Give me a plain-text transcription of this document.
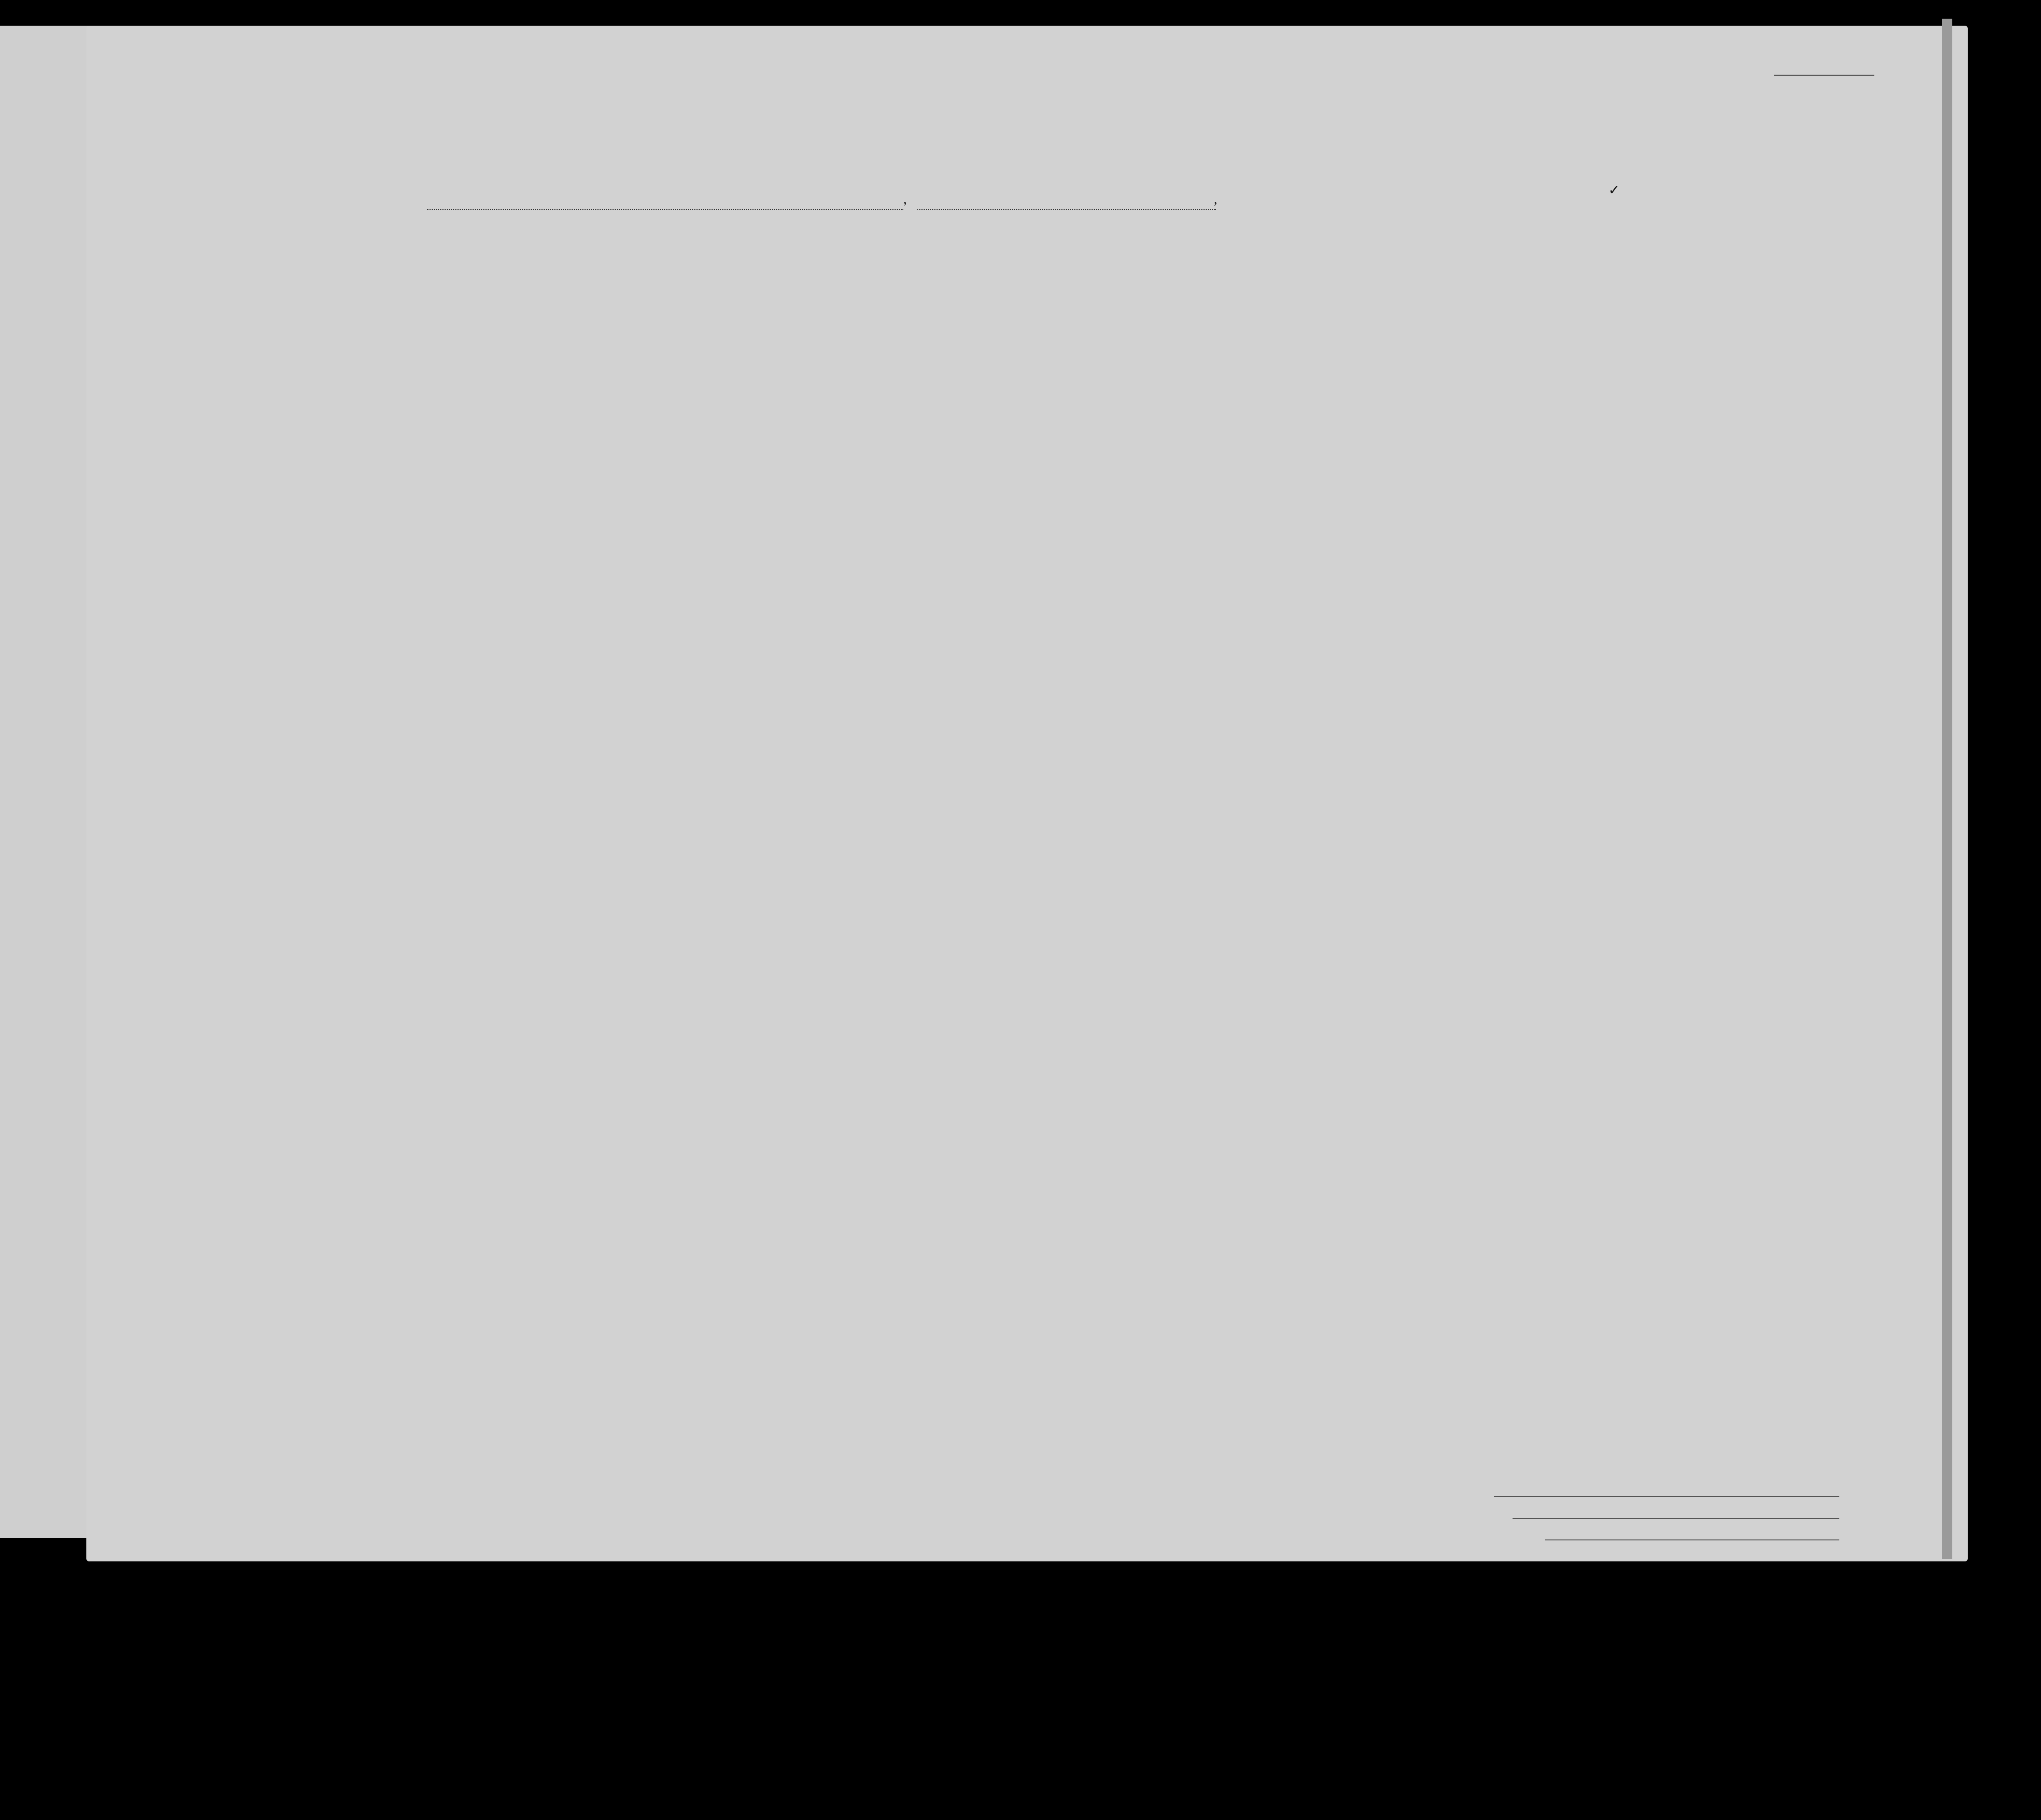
,	,
✓
